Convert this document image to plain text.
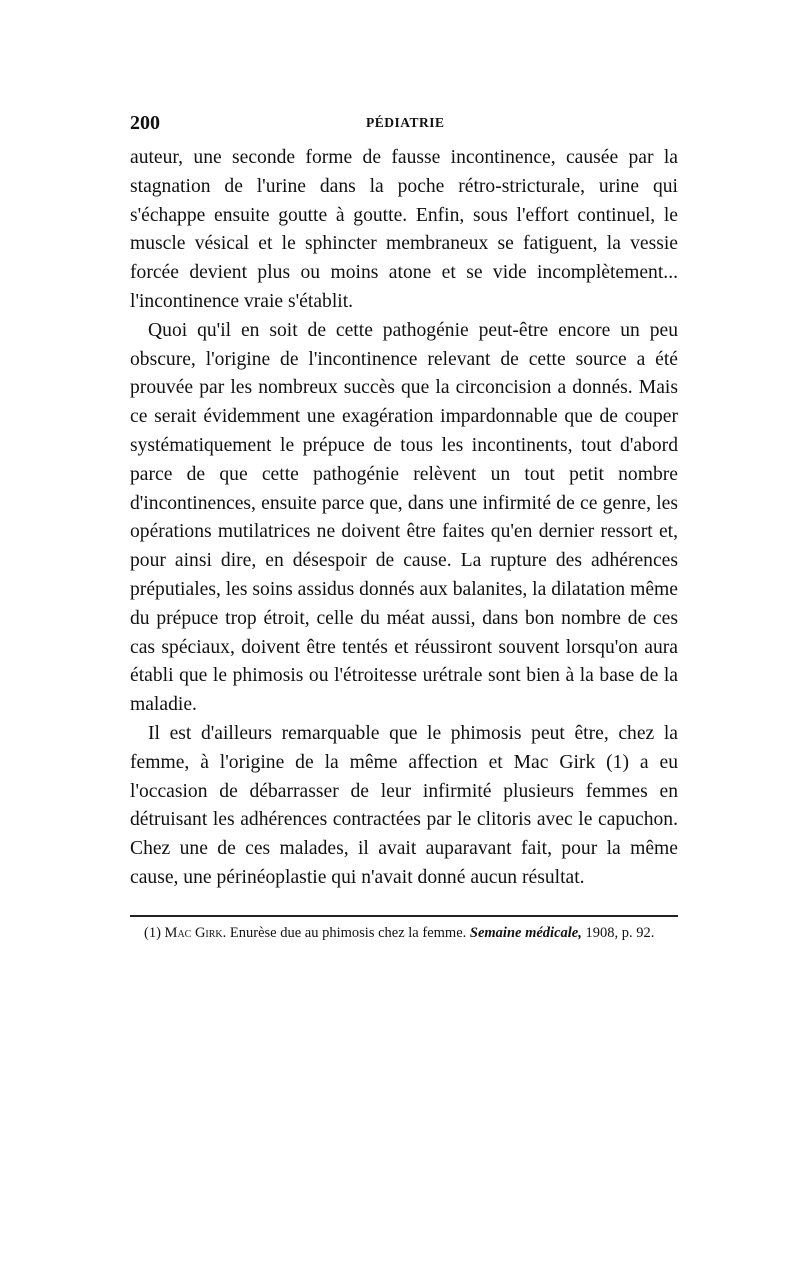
200	PÉDIATRIE

auteur, une seconde forme de fausse incontinence, causée par la stagnation de l'urine dans la poche rétro-stricturale, urine qui s'échappe ensuite goutte à goutte. Enfin, sous l'effort continuel, le muscle vésical et le sphincter membraneux se fatiguent, la vessie forcée devient plus ou moins atone et se vide incomplètement... l'incontinence vraie s'établit.

Quoi qu'il en soit de cette pathogénie peut-être encore un peu obscure, l'origine de l'incontinence relevant de cette source a été prouvée par les nombreux succès que la circoncision a donnés. Mais ce serait évidemment une exagération impardonnable que de couper systématiquement le prépuce de tous les incontinents, tout d'abord parce de que cette pathogénie relèvent un tout petit nombre d'incontinences, ensuite parce que, dans une infirmité de ce genre, les opérations mutilatrices ne doivent être faites qu'en dernier ressort et, pour ainsi dire, en désespoir de cause. La rupture des adhérences préputiales, les soins assidus donnés aux balanites, la dilatation même du prépuce trop étroit, celle du méat aussi, dans bon nombre de ces cas spéciaux, doivent être tentés et réussiront souvent lorsqu'on aura établi que le phimosis ou l'étroitesse urétrale sont bien à la base de la maladie.

Il est d'ailleurs remarquable que le phimosis peut être, chez la femme, à l'origine de la même affection et Mac Girk (1) a eu l'occasion de débarrasser de leur infirmité plusieurs femmes en détruisant les adhérences contractées par le clitoris avec le capuchon. Chez une de ces malades, il avait auparavant fait, pour la même cause, une périnéoplastie qui n'avait donné aucun résultat.

(1) Mac Girk. Enurèse due au phimosis chez la femme. Semaine médicale, 1908, p. 92.
